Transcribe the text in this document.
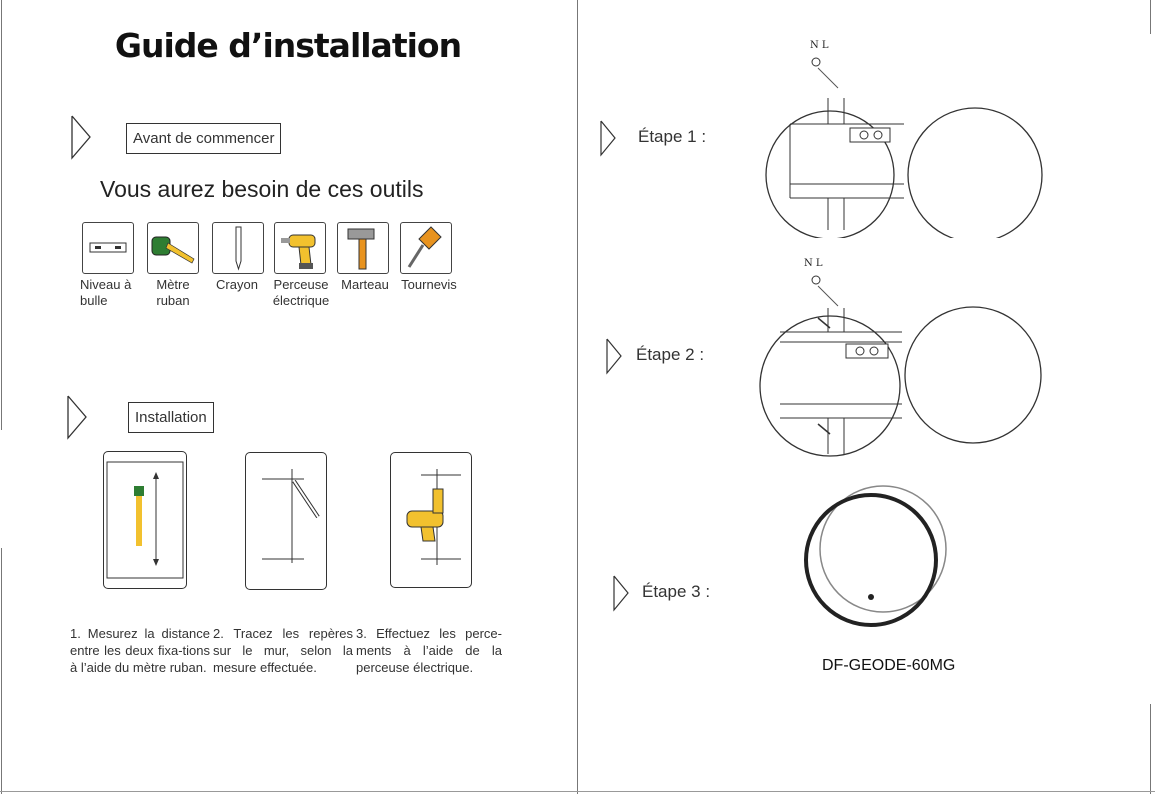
Guide d’installation
Avant de commencer
Vous aurez besoin de ces outils
Niveau à bulle
Mètre ruban
Crayon	Perceuse électrique
Marteau Tournevis
Installation
1. Mesurez la distance entre les deux fixa-tions à l’aide du mètre ruban.
2. Tracez les repères sur le mur, selon la mesure effectuée.
3. Effectuez les perce-ments à l’aide de la perceuse électrique.
Étape 1 :
Étape 2 :
Étape 3 :
N L
N L
DF-GEODE-60MG
